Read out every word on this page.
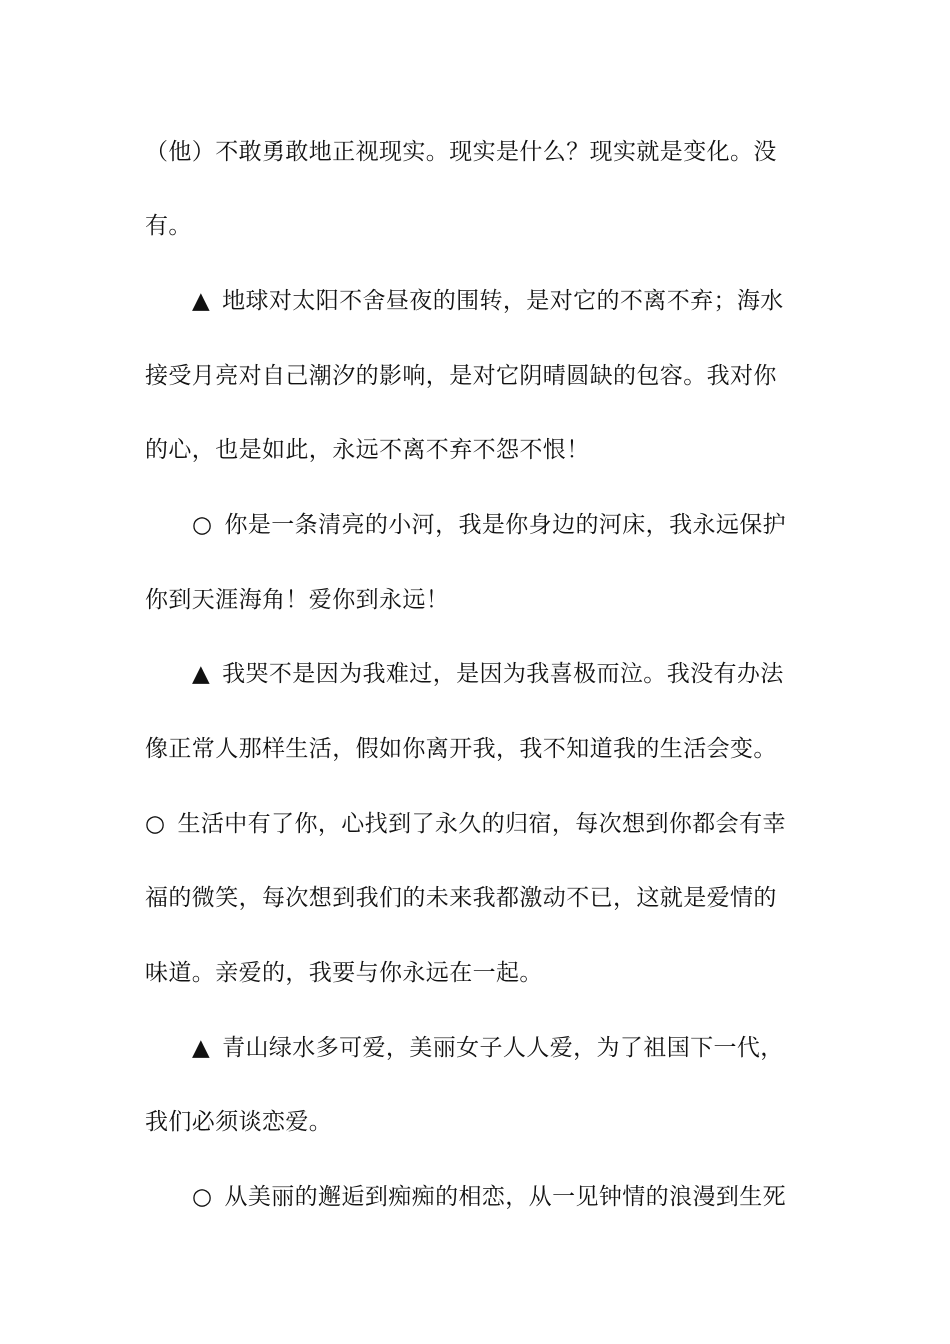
（他）不敢勇敢地正视现实。现实是什么？现实就是变化。没
有。
▲ 地球对太阳不舍昼夜的围转，是对它的不离不弃；海水
接受月亮对自己潮汐的影响，是对它阴晴圆缺的包容。我对你
的心，也是如此，永远不离不弃不怨不恨！
○ 你是一条清亮的小河，我是你身边的河床，我永远保护
你到天涯海角！爱你到永远！
▲ 我哭不是因为我难过，是因为我喜极而泣。我没有办法
像正常人那样生活，假如你离开我，我不知道我的生活会变。
○ 生活中有了你，心找到了永久的归宿，每次想到你都会有幸
福的微笑，每次想到我们的未来我都激动不已，这就是爱情的
味道。亲爱的，我要与你永远在一起。
▲ 青山绿水多可爱，美丽女子人人爱，为了祖国下一代，
我们必须谈恋爱。
○ 从美丽的邂逅到痴痴的相恋，从一见钟情的浪漫到生死
